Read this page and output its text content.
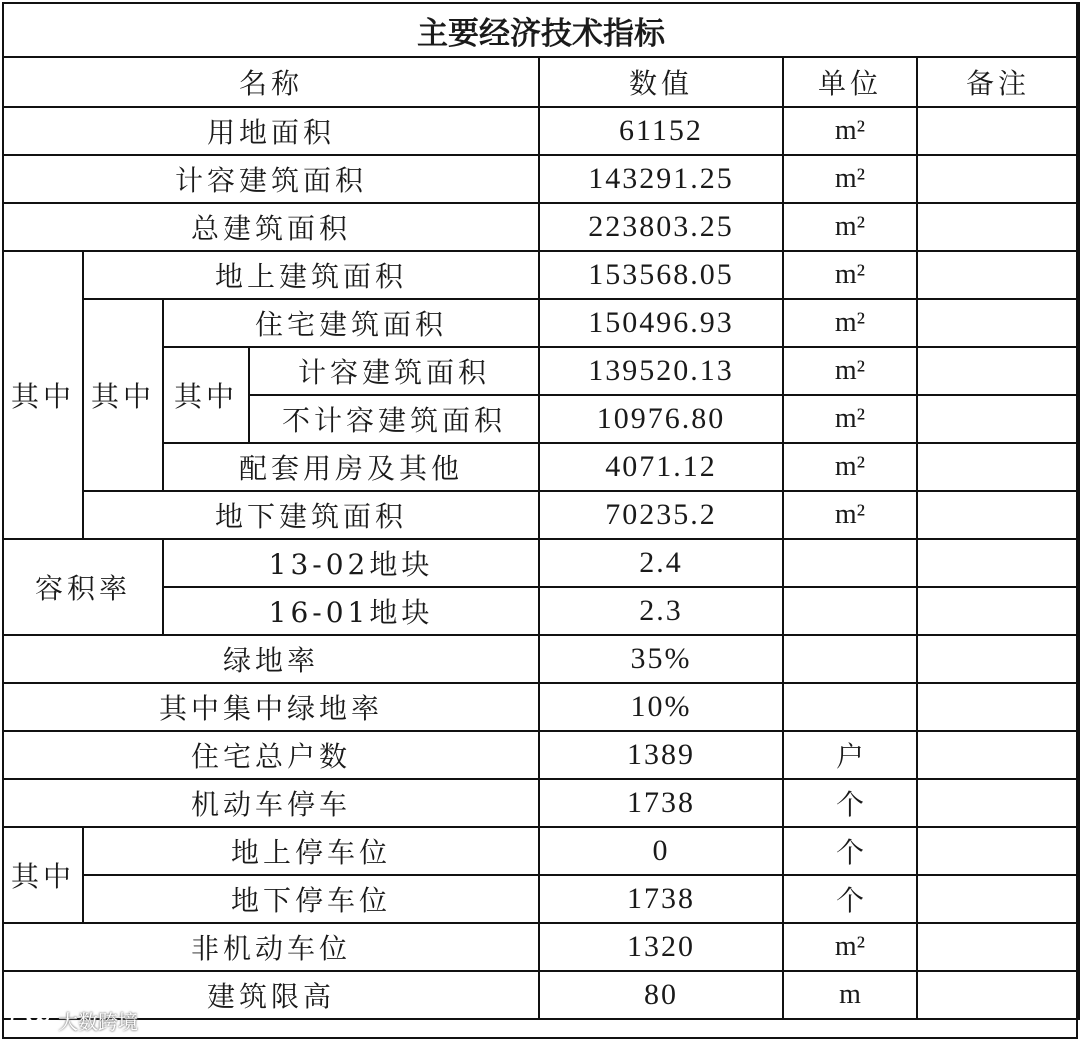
主要经济技术指标						
名称				数值	单位	备注
用地面积				61152	m²	
计容建筑面积				143291.25	m²	
总建筑面积				223803.25	m²	
其中	地上建筑面积			153568.05	m²	
	其中	住宅建筑面积		150496.93	m²	
		其中	计容建筑面积	139520.13	m²	
			不计容建筑面积	10976.80	m²	
		配套用房及其他		4071.12	m²	
	地下建筑面积			70235.2	m²	
容积率		13-02地块		2.4		
		16-01地块		2.3		
绿地率				35%		
其中集中绿地率				10%		
住宅总户数				1389	户	
机动车停车				1738	个	
其中	地上停车位			0	个	
	地下停车位			1738	个	
非机动车位				1320	m²	
建筑限高				80	m	
大数跨境
